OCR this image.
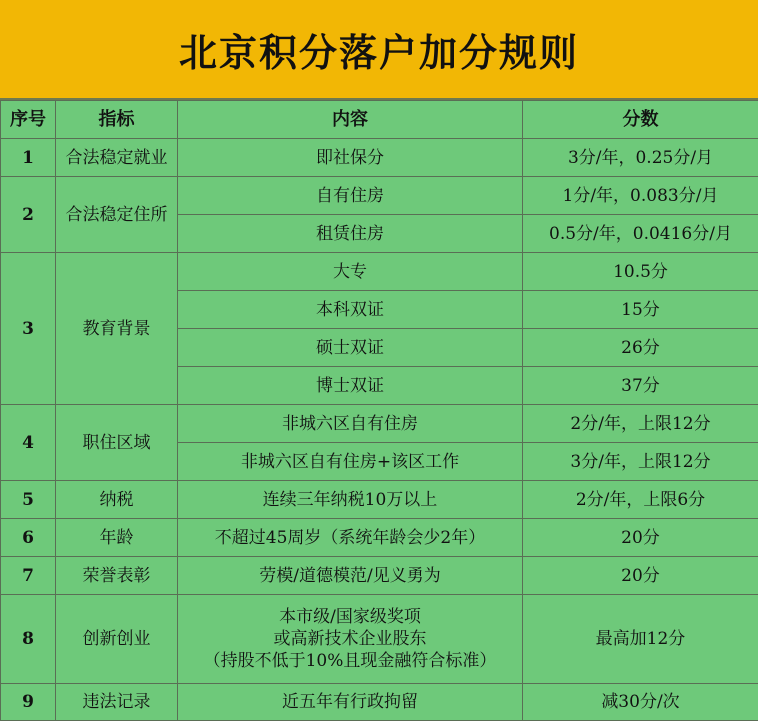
北京积分落户加分规则
序号	指标	内容	分数
1	合法稳定就业	即社保分	3分/年，0.25分/月
2	合法稳定住所	自有住房	1分/年，0.083分/月
		租赁住房	0.5分/年，0.0416分/月
3	教育背景	大专	10.5分
		本科双证	15分
		硕士双证	26分
		博士双证	37分
4	职住区域	非城六区自有住房	2分/年，上限12分
		非城六区自有住房+该区工作	3分/年，上限12分
5	纳税	连续三年纳税10万以上	2分/年，上限6分
6	年龄	不超过45周岁（系统年龄会少2年）	20分
7	荣誉表彰	劳模/道德模范/见义勇为	20分
8	创新创业	本市级/国家级奖项
或高新技术企业股东
（持股不低于10%且现金融符合标准）	最高加12分
9	违法记录	近五年有行政拘留	减30分/次
